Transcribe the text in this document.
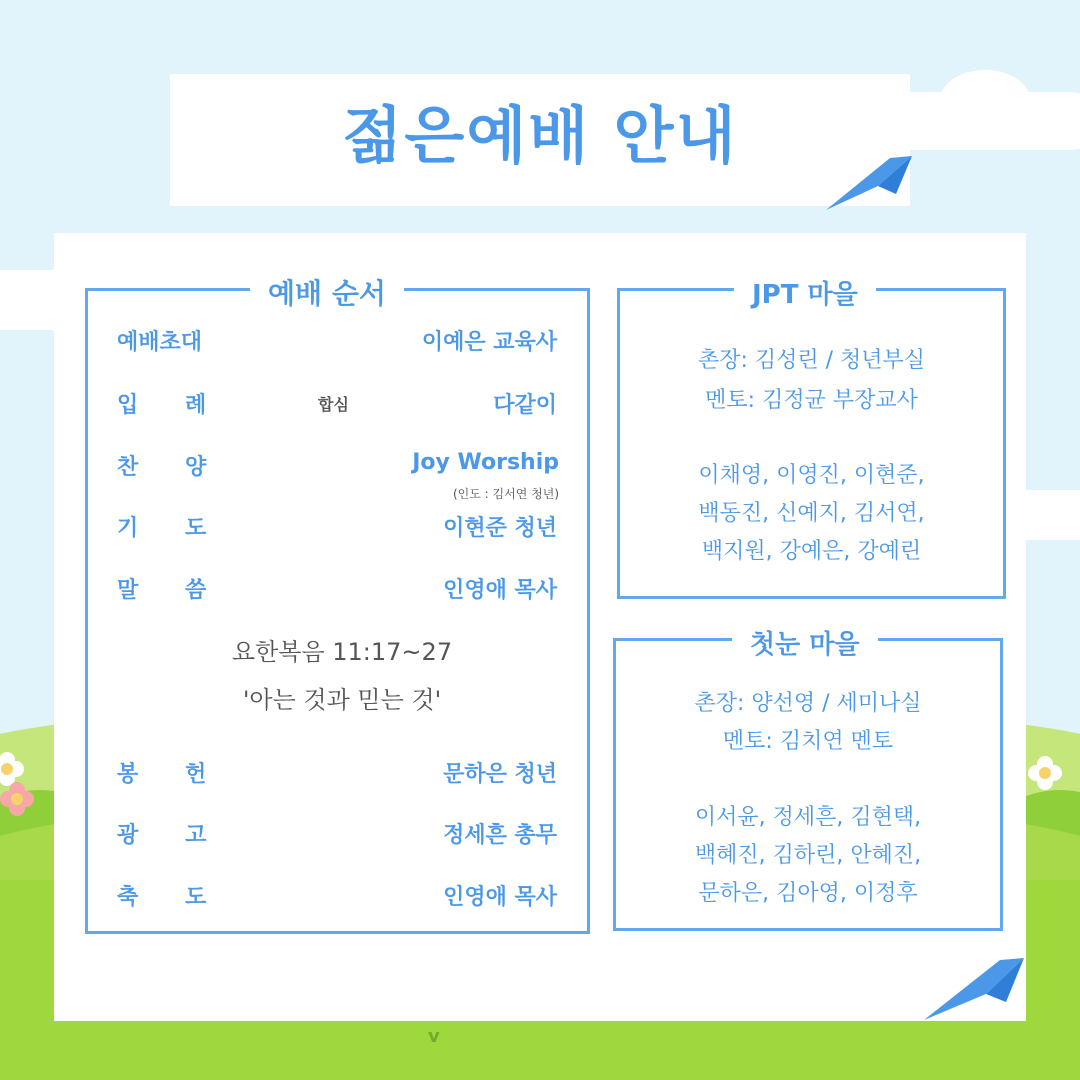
v
젊은예배 안내
예배 순서
예배초대	이예은 교육사
입 례	합심	다같이
찬 양	Joy Worship
(인도 : 김서연 청년)
기 도	이현준 청년
말 씀	인영애 목사
요한복음 11:17~27
'아는 것과 믿는 것'
봉 헌	문하은 청년
광 고	정세흔 총무
축 도	인영애 목사
JPT 마을
촌장: 김성린 / 청년부실
멘토: 김정균 부장교사
이채영, 이영진, 이현준,
백동진, 신예지, 김서연,
백지원, 강예은, 강예린
첫눈 마을
촌장: 양선영 / 세미나실
멘토: 김치연 멘토
이서윤, 정세흔, 김현택,
백혜진, 김하린, 안혜진,
문하은, 김아영, 이정후
